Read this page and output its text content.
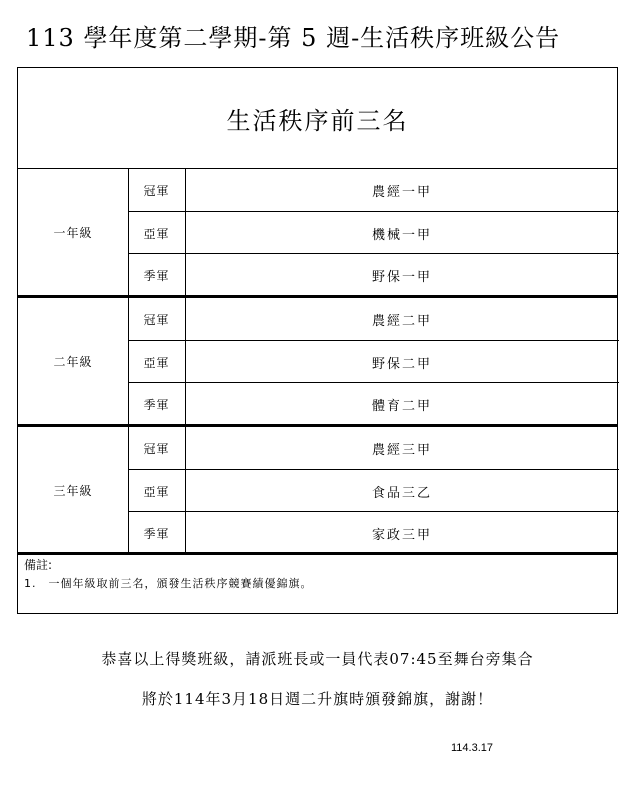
113 學年度第二學期-第 5 週-生活秩序班級公告
生活秩序前三名
一年級
冠軍	農經一甲
亞軍	機械一甲
季軍	野保一甲
二年級
冠軍	農經二甲
亞軍	野保二甲
季軍	體育二甲
三年級
冠軍	農經三甲
亞軍	食品三乙
季軍	家政三甲
備註:
1. 一個年級取前三名，頒發生活秩序競賽績優錦旗。
恭喜以上得獎班級，請派班長或一員代表07:45至舞台旁集合
將於114年3月18日週二升旗時頒發錦旗，謝謝！
114.3.17
